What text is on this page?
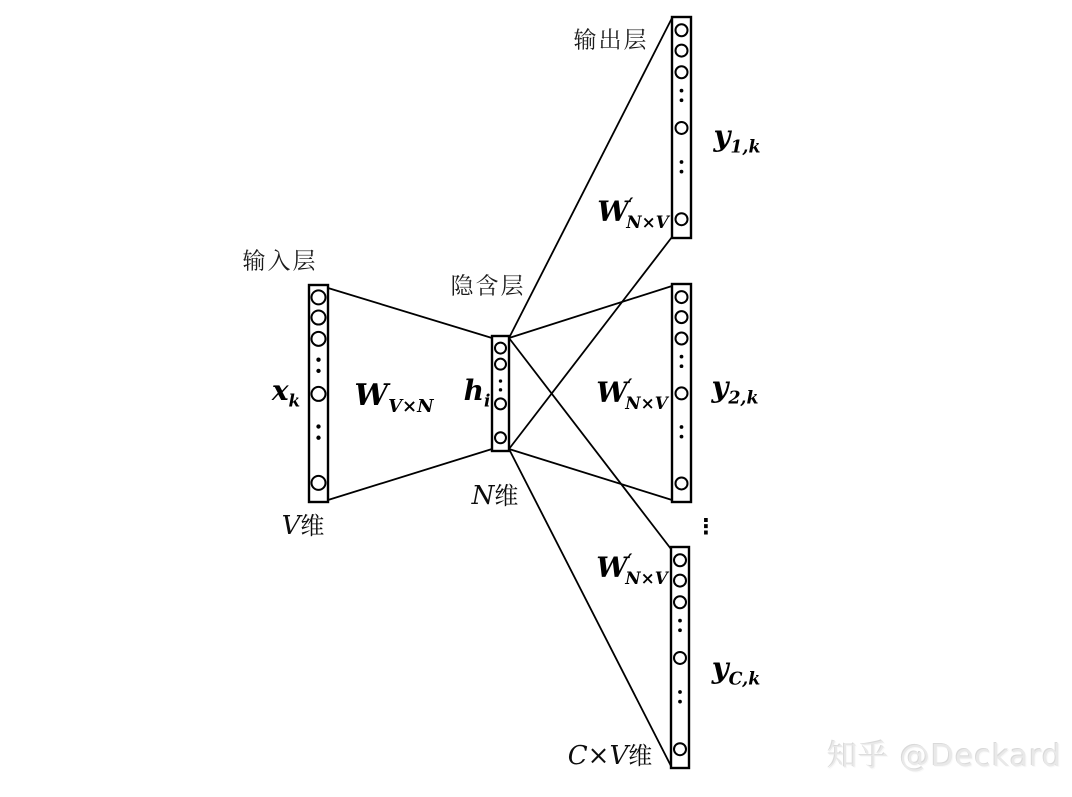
输入层
隐含层
输出层
$x_k$ $W_{V\times N}$ $h_i$
$W'_{N\times V}$
$W'_{N\times V}$
$W'_{N\times V}$
$y_{1,k}$
$y_{2,k}$
$y_{C,k}$
V维
N维
C×V维
⋮
知乎 @Deckard
